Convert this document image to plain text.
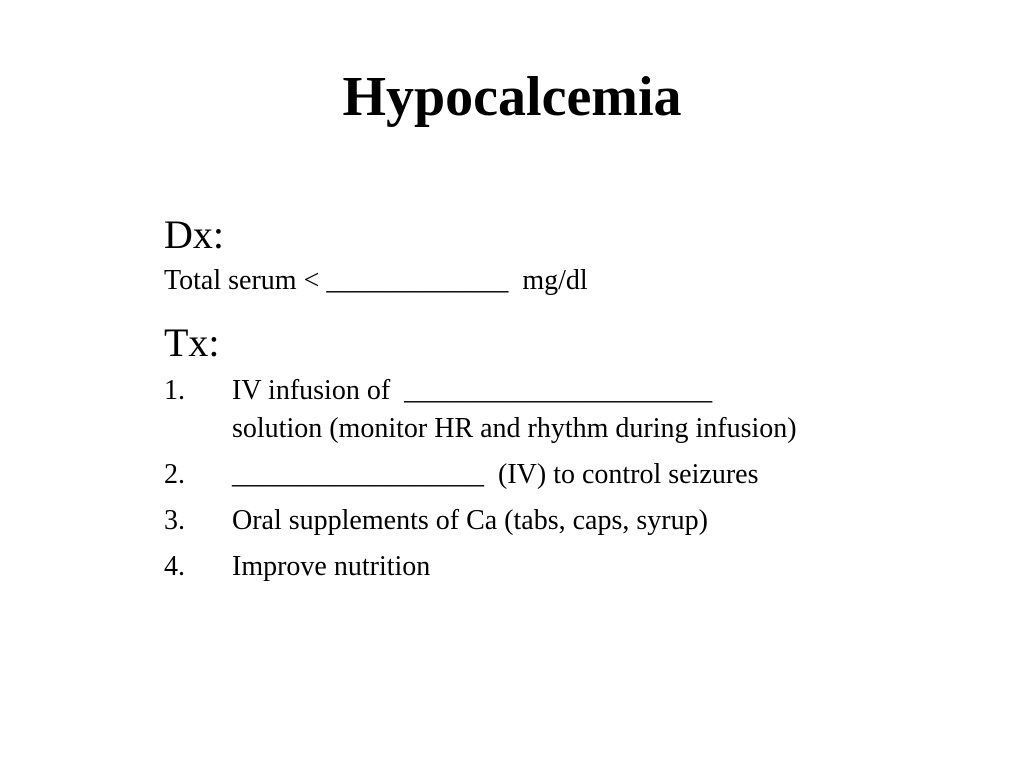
Hypocalcemia
Dx:
Total serum < _____________  mg/dl
Tx:
1.	IV infusion of  ______________________
solution (monitor HR and rhythm during infusion)
2.	__________________  (IV) to control seizures
3.	Oral supplements of Ca (tabs, caps, syrup)
4.	Improve nutrition
